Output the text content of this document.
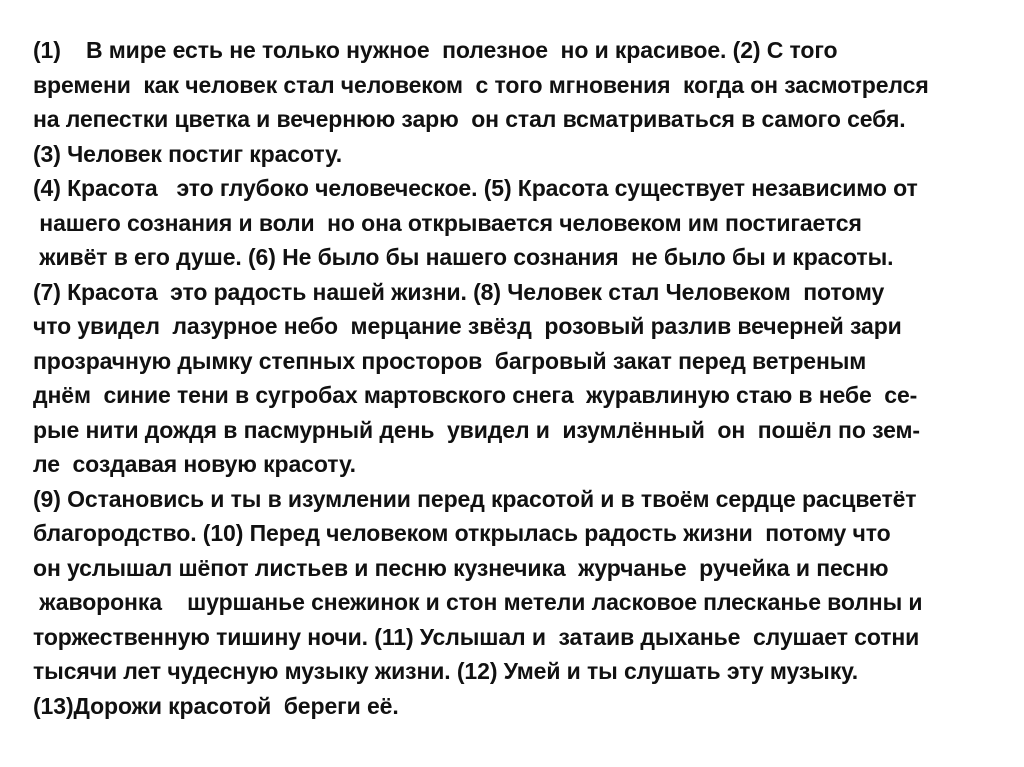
(1)    В мире есть не только нужное  полезное  но и красивое. (2) С того
времени  как человек стал человеком  с того мгновения  когда он засмотрелся
на лепестки цветка и вечернюю зарю  он стал всматриваться в самого себя.
(3) Человек постиг красоту.
(4) Красота   это глубоко человеческое. (5) Красота существует независимо от
нашего сознания и воли  но она открывается человеком им постигается
живёт в его душе. (6) Не было бы нашего сознания  не было бы и красоты.
(7) Красота  это радость нашей жизни. (8) Человек стал Человеком  потому
что увидел  лазурное небо  мерцание звёзд  розовый разлив вечерней зари
прозрачную дымку степных просторов  багровый закат перед ветреным
днём  синие тени в сугробах мартовского снега  журавлиную стаю в небе  се-
рые нити дождя в пасмурный день  увидел и  изумлённый  он  пошёл по зем-
ле  создавая новую красоту.
(9) Остановись и ты в изумлении перед красотой и в твоём сердце расцветёт
благородство. (10) Перед человеком открылась радость жизни  потому что
он услышал шёпот листьев и песню кузнечика  журчанье  ручейка и песню
жаворонка    шуршанье снежинок и стон метели ласковое плесканье волны и
торжественную тишину ночи. (11) Услышал и  затаив дыханье  слушает сотни
тысячи лет чудесную музыку жизни. (12) Умей и ты слушать эту музыку.
(13)Дорожи красотой  береги её.
